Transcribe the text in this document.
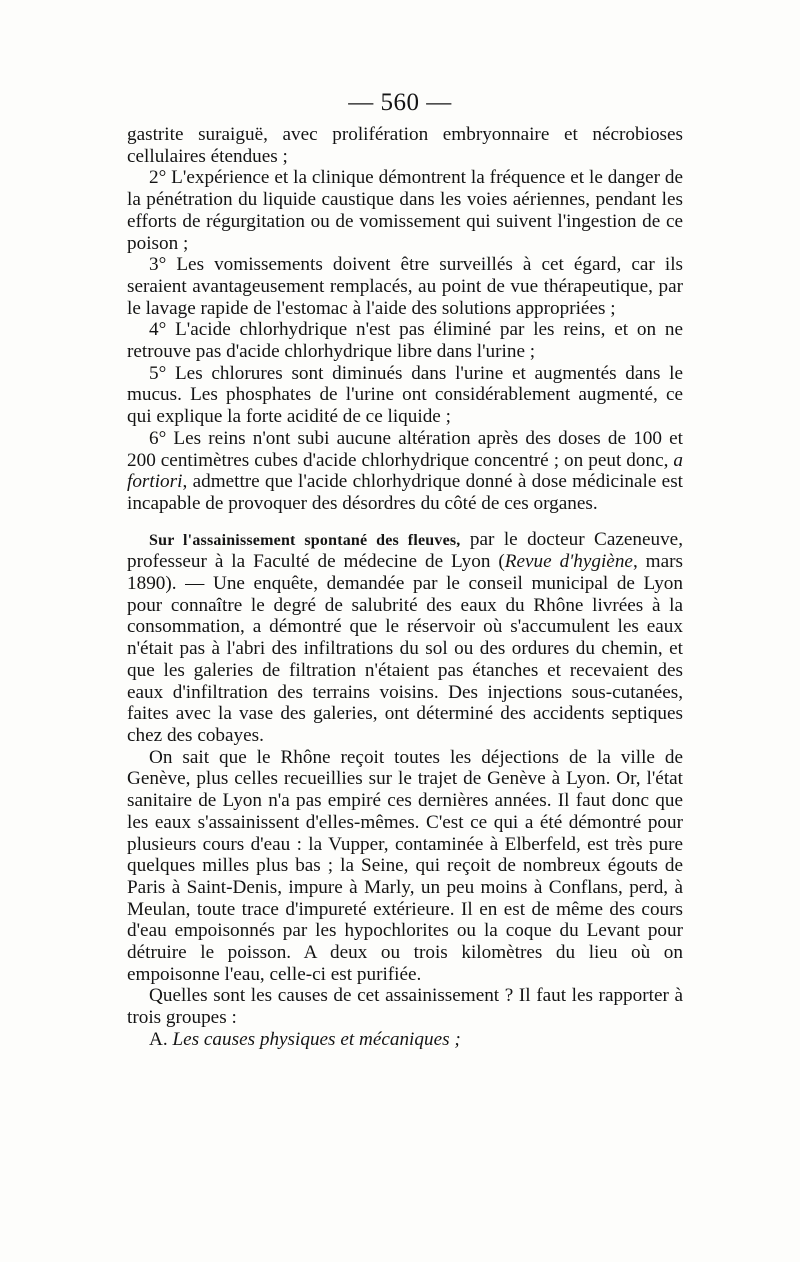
— 560 —

gastrite suraiguë, avec prolifération embryonnaire et nécrobioses cellulaires étendues ;

2° L'expérience et la clinique démontrent la fréquence et le danger de la pénétration du liquide caustique dans les voies aériennes, pendant les efforts de régurgitation ou de vomissement qui suivent l'ingestion de ce poison ;

3° Les vomissements doivent être surveillés à cet égard, car ils seraient avantageusement remplacés, au point de vue thérapeutique, par le lavage rapide de l'estomac à l'aide des solutions appropriées ;

4° L'acide chlorhydrique n'est pas éliminé par les reins, et on ne retrouve pas d'acide chlorhydrique libre dans l'urine ;

5° Les chlorures sont diminués dans l'urine et augmentés dans le mucus. Les phosphates de l'urine ont considérablement augmenté, ce qui explique la forte acidité de ce liquide ;

6° Les reins n'ont subi aucune altération après des doses de 100 et 200 centimètres cubes d'acide chlorhydrique concentré ; on peut donc, a fortiori, admettre que l'acide chlorhydrique donné à dose médicinale est incapable de provoquer des désordres du côté de ces organes.

Sur l'assainissement spontané des fleuves, par le docteur Cazeneuve, professeur à la Faculté de médecine de Lyon (Revue d'hygiène, mars 1890). — Une enquête, demandée par le conseil municipal de Lyon pour connaître le degré de salubrité des eaux du Rhône livrées à la consommation, a démontré que le réservoir où s'accumulent les eaux n'était pas à l'abri des infiltrations du sol ou des ordures du chemin, et que les galeries de filtration n'étaient pas étanches et recevaient des eaux d'infiltration des terrains voisins. Des injections sous-cutanées, faites avec la vase des galeries, ont déterminé des accidents septiques chez des cobayes.

On sait que le Rhône reçoit toutes les déjections de la ville de Genève, plus celles recueillies sur le trajet de Genève à Lyon. Or, l'état sanitaire de Lyon n'a pas empiré ces dernières années. Il faut donc que les eaux s'assainissent d'elles-mêmes. C'est ce qui a été démontré pour plusieurs cours d'eau : la Vupper, contaminée à Elberfeld, est très pure quelques milles plus bas ; la Seine, qui reçoit de nombreux égouts de Paris à Saint-Denis, impure à Marly, un peu moins à Conflans, perd, à Meulan, toute trace d'impureté extérieure. Il en est de même des cours d'eau empoisonnés par les hypochlorites ou la coque du Levant pour détruire le poisson. A deux ou trois kilomètres du lieu où on empoisonne l'eau, celle-ci est purifiée.

Quelles sont les causes de cet assainissement ? Il faut les rapporter à trois groupes :

A. Les causes physiques et mécaniques ;
